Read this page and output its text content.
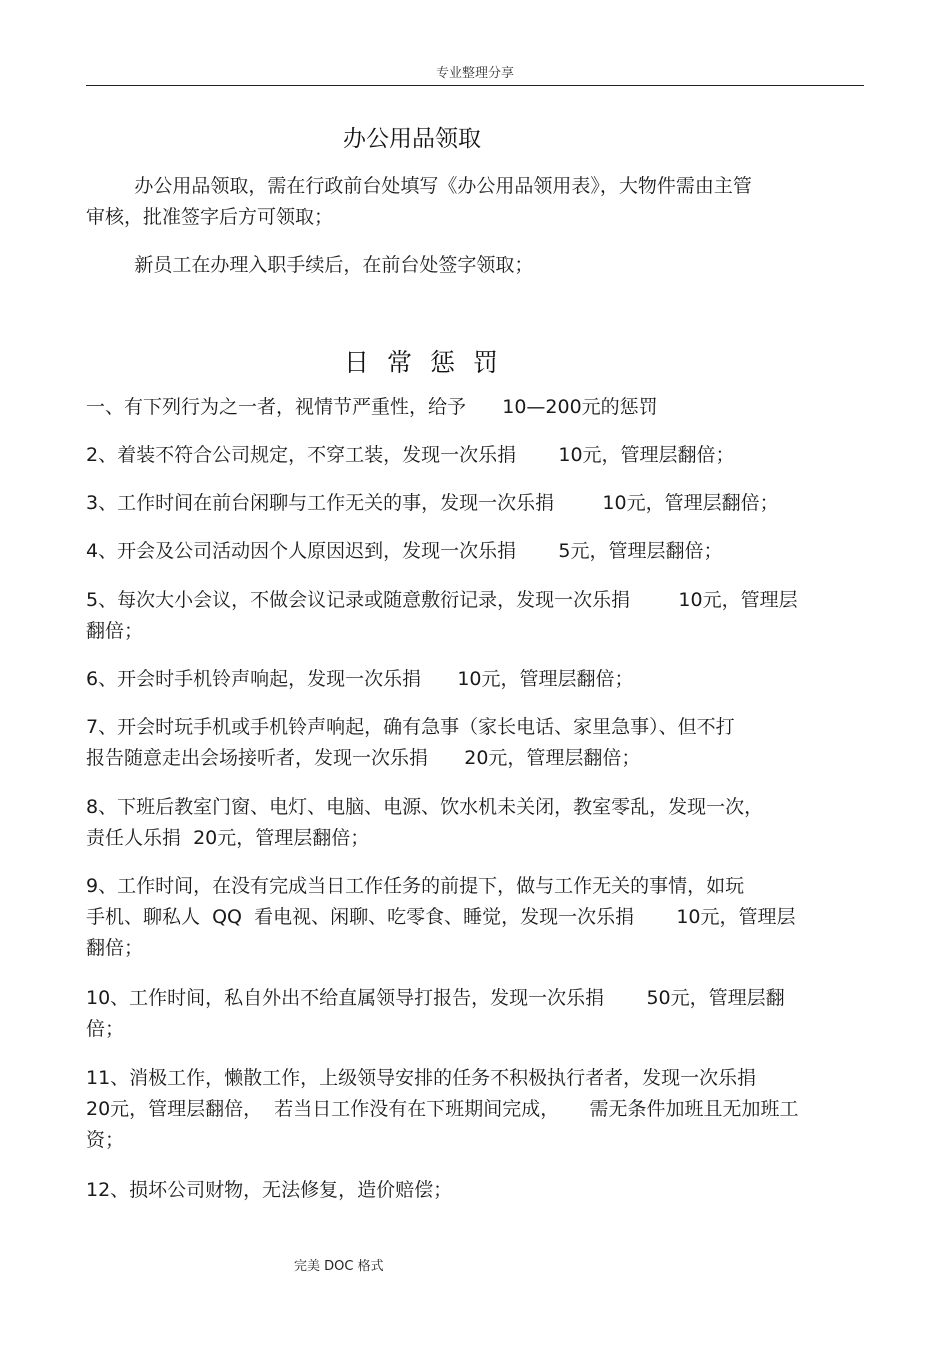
专业整理分享
办公用品领取

办公用品领取，需在行政前台处填写《办公用品领用表》，大物件需由主管
审核，批准签字后方可领取；

新员工在办理入职手续后，在前台处签字领取；

日常惩罚

一、有下列行为之一者，视情节严重性，给予      10—200元的惩罚

2、着装不符合公司规定，不穿工装，发现一次乐捐       10元，管理层翻倍；

3、工作时间在前台闲聊与工作无关的事，发现一次乐捐        10元，管理层翻倍；

4、开会及公司活动因个人原因迟到，发现一次乐捐       5元，管理层翻倍；

5、每次大小会议，不做会议记录或随意敷衍记录，发现一次乐捐        10元，管理层
翻倍；

6、开会时手机铃声响起，发现一次乐捐      10元，管理层翻倍；

7、开会时玩手机或手机铃声响起，确有急事（家长电话、家里急事）、但不打
报告随意走出会场接听者，发现一次乐捐      20元，管理层翻倍；

8、下班后教室门窗、电灯、电脑、电源、饮水机未关闭，教室零乱，发现一次，
责任人乐捐  20元，管理层翻倍；

9、工作时间，在没有完成当日工作任务的前提下，做与工作无关的事情，如玩
手机、聊私人  QQ  看电视、闲聊、吃零食、睡觉，发现一次乐捐       10元，管理层
翻倍；

10、工作时间，私自外出不给直属领导打报告，发现一次乐捐       50元，管理层翻
倍；

11、消极工作，懒散工作，上级领导安排的任务不积极执行者者，发现一次乐捐
20元，管理层翻倍，  若当日工作没有在下班期间完成，     需无条件加班且无加班工
资；

12、损坏公司财物，无法修复，造价赔偿；

完美 DOC 格式
